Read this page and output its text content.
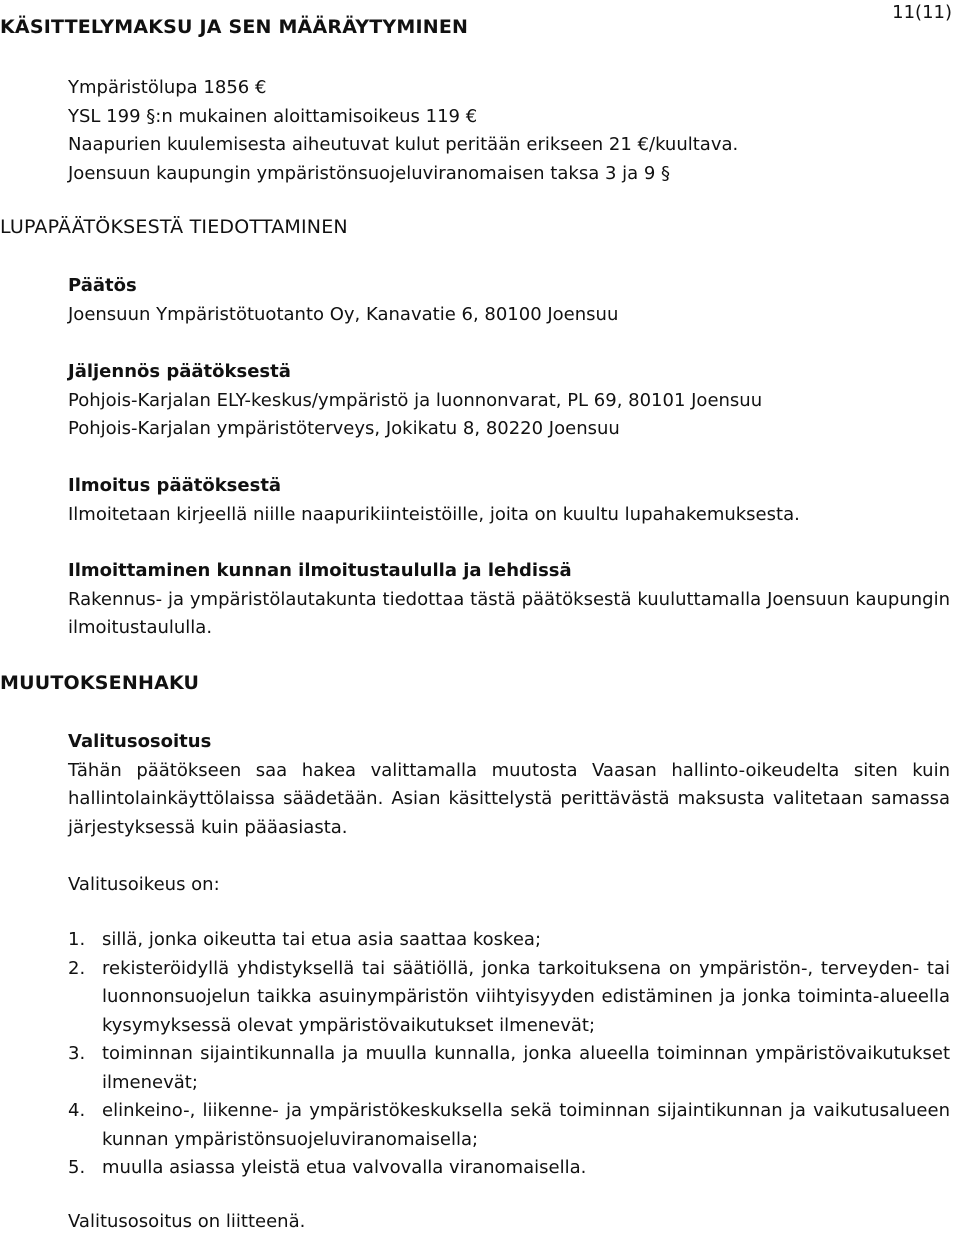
11(11)
KÄSITTELYMAKSU JA SEN MÄÄRÄYTYMINEN
Ympäristölupa 1856 €
YSL 199 §:n mukainen aloittamisoikeus 119 €
Naapurien kuulemisesta aiheutuvat kulut peritään erikseen 21 €/kuultava.
Joensuun kaupungin ympäristönsuojeluviranomaisen taksa 3 ja 9 §
LUPAPÄÄTÖKSESTÄ TIEDOTTAMINEN
Päätös
Joensuun Ympäristötuotanto Oy, Kanavatie 6, 80100 Joensuu
Jäljennös päätöksestä
Pohjois-Karjalan ELY-keskus/ympäristö ja luonnonvarat, PL 69, 80101 Joensuu
Pohjois-Karjalan ympäristöterveys, Jokikatu 8, 80220 Joensuu
Ilmoitus päätöksestä
Ilmoitetaan kirjeellä niille naapurikiinteistöille, joita on kuultu lupahakemuksesta.
Ilmoittaminen kunnan ilmoitustaululla ja lehdissä
Rakennus- ja ympäristölautakunta tiedottaa tästä päätöksestä kuuluttamalla Joensuun kaupungin ilmoitustaululla.
MUUTOKSENHAKU
Valitusosoitus
Tähän päätökseen saa hakea valittamalla muutosta Vaasan hallinto-oikeudelta siten kuin hallintolainkäyttölaissa säädetään. Asian käsittelystä perittävästä maksusta valitetaan samassa järjestyksessä kuin pääasiasta.
Valitusoikeus on:
1. sillä, jonka oikeutta tai etua asia saattaa koskea;
2. rekisteröidyllä yhdistyksellä tai säätiöllä, jonka tarkoituksena on ympäristön-, terveyden- tai luonnonsuojelun taikka asuinympäristön viihtyisyyden edistäminen ja jonka toiminta-alueella kysymyksessä olevat ympäristövaikutukset ilmenevät;
3. toiminnan sijaintikunnalla ja muulla kunnalla, jonka alueella toiminnan ympäristövaikutukset ilmenevät;
4. elinkeino-, liikenne- ja ympäristökeskuksella sekä toiminnan sijaintikunnan ja vaikutusalueen kunnan ympäristönsuojeluviranomaisella;
5. muulla asiassa yleistä etua valvovalla viranomaisella.
Valitusosoitus on liitteenä.
